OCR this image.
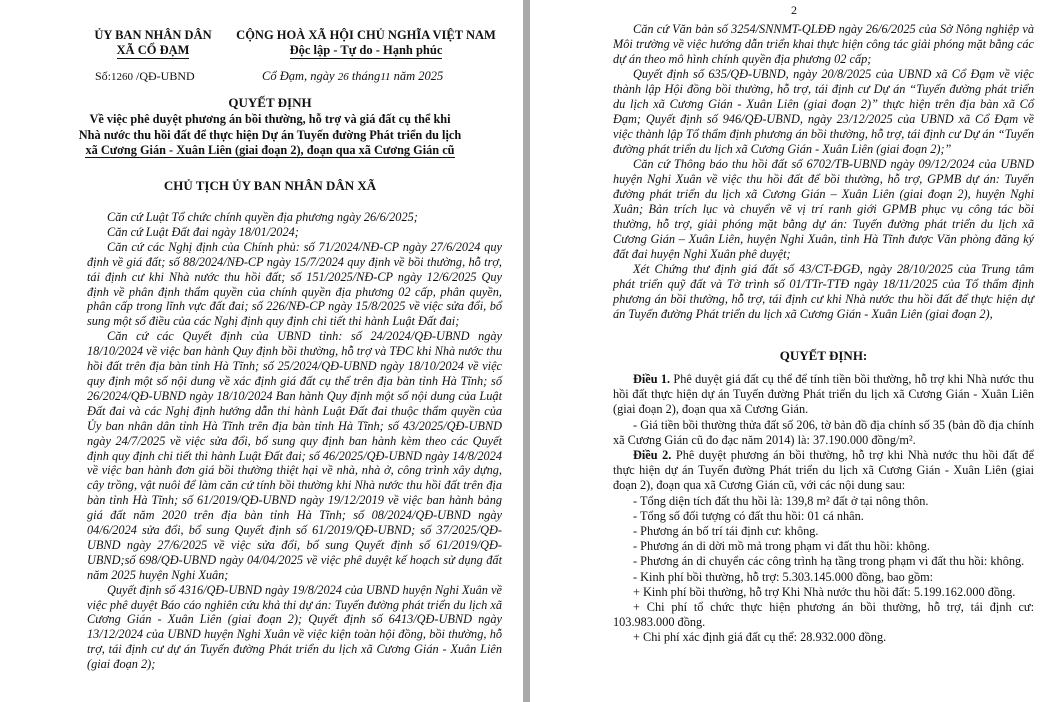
ỦY BAN NHÂN DÂN
XÃ CỔ ĐẠM
CỘNG HOÀ XÃ HỘI CHỦ NGHĨA VIỆT NAM
Độc lập - Tự do - Hạnh phúc
Số:1260 /QĐ-UBND	Cổ Đạm, ngày 26 tháng11 năm 2025
QUYẾT ĐỊNH
Về việc phê duyệt phương án bồi thường, hỗ trợ và giá đất cụ thể khi
Nhà nước thu hồi đất để thực hiện Dự án Tuyến đường Phát triển du lịch
xã Cương Gián - Xuân Liên (giai đoạn 2), đoạn qua xã Cương Gián cũ
CHỦ TỊCH ỦY BAN NHÂN DÂN XÃ

Căn cứ Luật Tổ chức chính quyền địa phương ngày 26/6/2025;

Căn cứ Luật Đất đai ngày 18/01/2024;

Căn cứ các Nghị định của Chính phủ: số 71/2024/NĐ-CP ngày 27/6/2024 quy định về giá đất; số 88/2024/NĐ-CP ngày 15/7/2024 quy định về bồi thường, hỗ trợ, tái định cư khi Nhà nước thu hồi đất; số 151/2025/NĐ-CP ngày 12/6/2025 Quy định về phân định thẩm quyền của chính quyền địa phương 02 cấp, phân quyền, phân cấp trong lĩnh vực đất đai; số 226/NĐ-CP ngày 15/8/2025 về việc sửa đổi, bổ sung một số điều của các Nghị định quy định chi tiết thi hành Luật Đất đai;

Căn cứ các Quyết định của UBND tỉnh: số 24/2024/QĐ-UBND ngày 18/10/2024 về việc ban hành Quy định bồi thường, hỗ trợ và TĐC khi Nhà nước thu hồi đất trên địa bàn tỉnh Hà Tĩnh; số 25/2024/QĐ-UBND ngày 18/10/2024 về việc quy định một số nội dung về xác định giá đất cụ thể trên địa bàn tỉnh Hà Tĩnh; số 26/2024/QĐ-UBND ngày 18/10/2024 Ban hành Quy định một số nội dung của Luật Đất đai và các Nghị định hướng dẫn thi hành Luật Đất đai thuộc thẩm quyền của Ủy ban nhân dân tỉnh Hà Tĩnh trên địa bàn tỉnh Hà Tĩnh; số 43/2025/QĐ-UBND ngày 24/7/2025 về việc sửa đổi, bổ sung quy định ban hành kèm theo các Quyết định quy định chi tiết thi hành Luật Đất đai; số 46/2025/QĐ-UBND ngày 14/8/2024 về việc ban hành đơn giá bồi thường thiệt hại về nhà, nhà ở, công trình xây dựng, cây trồng, vật nuôi để làm căn cứ tính bồi thường khi Nhà nước thu hồi đất trên địa bàn tỉnh Hà Tĩnh; số 61/2019/QĐ-UBND ngày 19/12/2019 về việc ban hành bảng giá đất năm 2020 trên địa bàn tỉnh Hà Tĩnh; số 08/2024/QĐ-UBND ngày 04/6/2024 sửa đổi, bổ sung Quyết định số 61/2019/QĐ-UBND; số 37/2025/QĐ-UBND ngày 27/6/2025 về việc sửa đổi, bổ sung Quyết định số 61/2019/QĐ-UBND;số 698/QĐ-UBND ngày 04/04/2025 về việc phê duyệt kế hoạch sử dụng đất năm 2025 huyện Nghi Xuân;

Quyết định số 4316/QĐ-UBND ngày 19/8/2024 của UBND huyện Nghi Xuân về việc phê duyệt Báo cáo nghiên cứu khả thi dự án: Tuyến đường phát triển du lịch xã Cương Gián - Xuân Liên (giai đoạn 2); Quyết định số 6413/QĐ-UBND ngày 13/12/2024 của UBND huyện Nghi Xuân về việc kiện toàn hội đồng, bồi thường, hỗ trợ, tái định cư dự án Tuyến đường Phát triển du lịch xã Cương Gián - Xuân Liên (giai đoạn 2);

2

Căn cứ Văn bản số 3254/SNNMT-QLĐĐ ngày 26/6/2025 của Sở Nông nghiệp và Môi trường về việc hướng dẫn triển khai thực hiện công tác giải phóng mặt bằng các dự án theo mô hình chính quyền địa phương 02 cấp;

Quyết định số 635/QĐ-UBND, ngày 20/8/2025 của UBND xã Cổ Đạm về việc thành lập Hội đồng bồi thường, hỗ trợ, tái định cư Dự án “Tuyến đường phát triển du lịch xã Cương Gián - Xuân Liên (giai đoạn 2)” thực hiện trên địa bàn xã Cổ Đạm; Quyết định số 946/QĐ-UBND, ngày 23/12/2025 của UBND xã Cổ Đạm về việc thành lập Tổ thẩm định phương án bồi thường, hỗ trợ, tái định cư Dự án “Tuyến đường phát triển du lịch xã Cương Gián - Xuân Liên (giai đoạn 2);”

Căn cứ Thông báo thu hồi đất số 6702/TB-UBND ngày 09/12/2024 của UBND huyện Nghi Xuân về việc thu hồi đất để bồi thường, hỗ trợ, GPMB dự án: Tuyến đường phát triển du lịch xã Cương Gián – Xuân Liên (giai đoạn 2), huyện Nghi Xuân; Bản trích lục và chuyển vẽ vị trí ranh giới GPMB phục vụ công tác bồi thường, hỗ trợ, giải phóng mặt bằng dự án: Tuyến đường phát triển du lịch xã Cương Gián – Xuân Liên, huyện Nghi Xuân, tỉnh Hà Tĩnh được Văn phòng đăng ký đất đai huyện Nghi Xuân phê duyệt;

Xét Chứng thư định giá đất số 43/CT-ĐGĐ, ngày 28/10/2025 của Trung tâm phát triển quỹ đất và Tờ trình số 01/TTr-TTĐ ngày 18/11/2025 của Tổ thẩm định phương án bồi thường, hỗ trợ, tái định cư khi Nhà nước thu hồi đất để thực hiện dự án Tuyến đường Phát triển du lịch xã Cương Gián - Xuân Liên (giai đoạn 2),

QUYẾT ĐỊNH:

Điều 1. Phê duyệt giá đất cụ thể để tính tiền bồi thường, hỗ trợ khi Nhà nước thu hồi đất thực hiện dự án Tuyến đường Phát triển du lịch xã Cương Gián - Xuân Liên (giai đoạn 2), đoạn qua xã Cương Gián.

- Giá tiền bồi thường thửa đất số 206, tờ bản đồ địa chính số 35 (bản đồ địa chính xã Cương Gián cũ đo đạc năm 2014) là: 37.190.000 đồng/m².

Điều 2. Phê duyệt phương án bồi thường, hỗ trợ khi Nhà nước thu hồi đất để thực hiện dự án Tuyến đường Phát triển du lịch xã Cương Gián - Xuân Liên (giai đoạn 2), đoạn qua xã Cương Gián cũ, với các nội dung sau:

- Tổng diện tích đất thu hồi là: 139,8 m² đất ở tại nông thôn.

- Tổng số đối tượng có đất thu hồi: 01 cá nhân.

- Phương án bố trí tái định cư: không.

- Phương án di dời mồ mả trong phạm vi đất thu hồi: không.

- Phương án di chuyển các công trình hạ tầng trong phạm vi đất thu hồi: không.

- Kinh phí bồi thường, hỗ trợ: 5.303.145.000 đồng, bao gồm:

+ Kinh phí bồi thường, hỗ trợ Khi Nhà nước thu hồi đất: 5.199.162.000 đồng.

+ Chi phí tổ chức thực hiện phương án bồi thường, hỗ trợ, tái định cư: 103.983.000 đồng.

+ Chi phí xác định giá đất cụ thể: 28.932.000 đồng.
